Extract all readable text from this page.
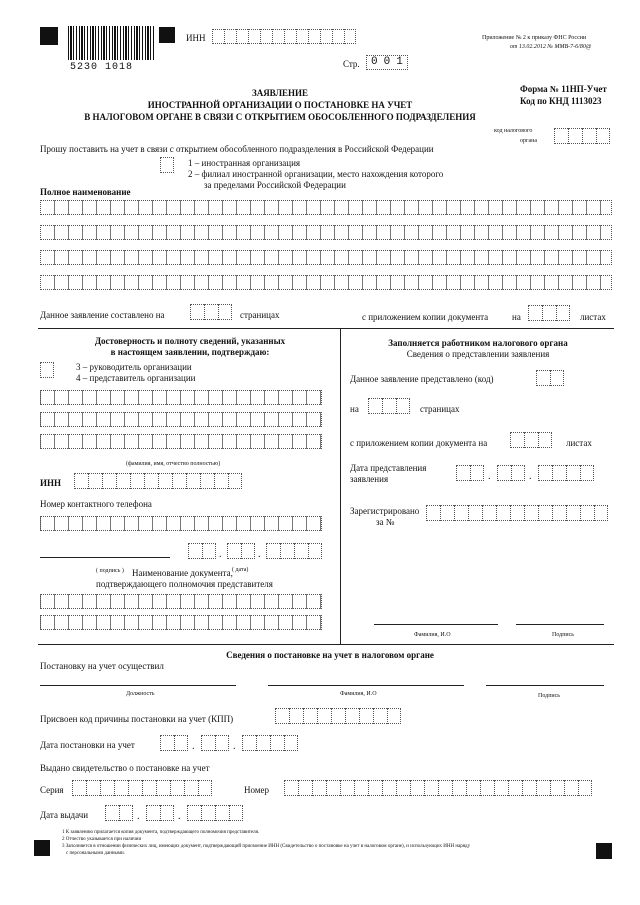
5230 1018
ИНН	Приложение № 2 к приказу ФНС России
от 13.02.2012 № ММВ-7-6/80@
Стр.	001
ЗАЯВЛЕНИЕ
ИНОСТРАННОЙ ОРГАНИЗАЦИИ О ПОСТАНОВКЕ НА УЧЕТ
В НАЛОГОВОМ ОРГАНЕ В СВЯЗИ С ОТКРЫТИЕМ ОБОСОБЛЕННОГО ПОДРАЗДЕЛЕНИЯ
Форма № 11НП-Учет
Код по КНД 1113023
код налогового
органа
Прошу поставить на учет в связи с открытием обособленного подразделения в Российской Федерации
1 – иностранная организация
2 – филиал иностранной организации, место нахождения которого
за пределами Российской Федерации
Полное наименование
Данное заявление составлено на	страницах	с приложением копии документа	на	листах
Достоверность и полноту сведений, указанных
в настоящем заявлении, подтверждаю:
3 – руководитель организации
4 – представитель организации
(фамилия, имя, отчество полностью)
ИНН
Номер контактного телефона
.	.
( подпись )	( дата)
Наименование документа,
подтверждающего полномочия представителя
Заполняется работником налогового органа
Сведения о представлении заявления
Данное заявление представлено (код)
на	страницах
с приложением копии документа на	листах
Дата представления
заявления	.	.
Зарегистрировано
за №
Фамилия, И.О	Подпись
Сведения о постановке на учет в налоговом органе
Постановку на учет осуществил
Должность	Фамилия, И.О	Подпись
Присвоен код причины постановки на учет (КПП)
Дата постановки на учет	.	.
Выдано свидетельство о постановке на учет
Серия	Номер
Дата выдачи	.	.
1 К заявлению прилагается копия документа, подтверждающего полномочия представителя.
2 Отчество указывается при наличии
3 Заполняется в отношении физических лиц, имеющих документ, подтверждающий присвоение ИНН (Свидетельство о постановке на учет в налоговом органе), и использующих ИНН наряду
с персональными данными.
